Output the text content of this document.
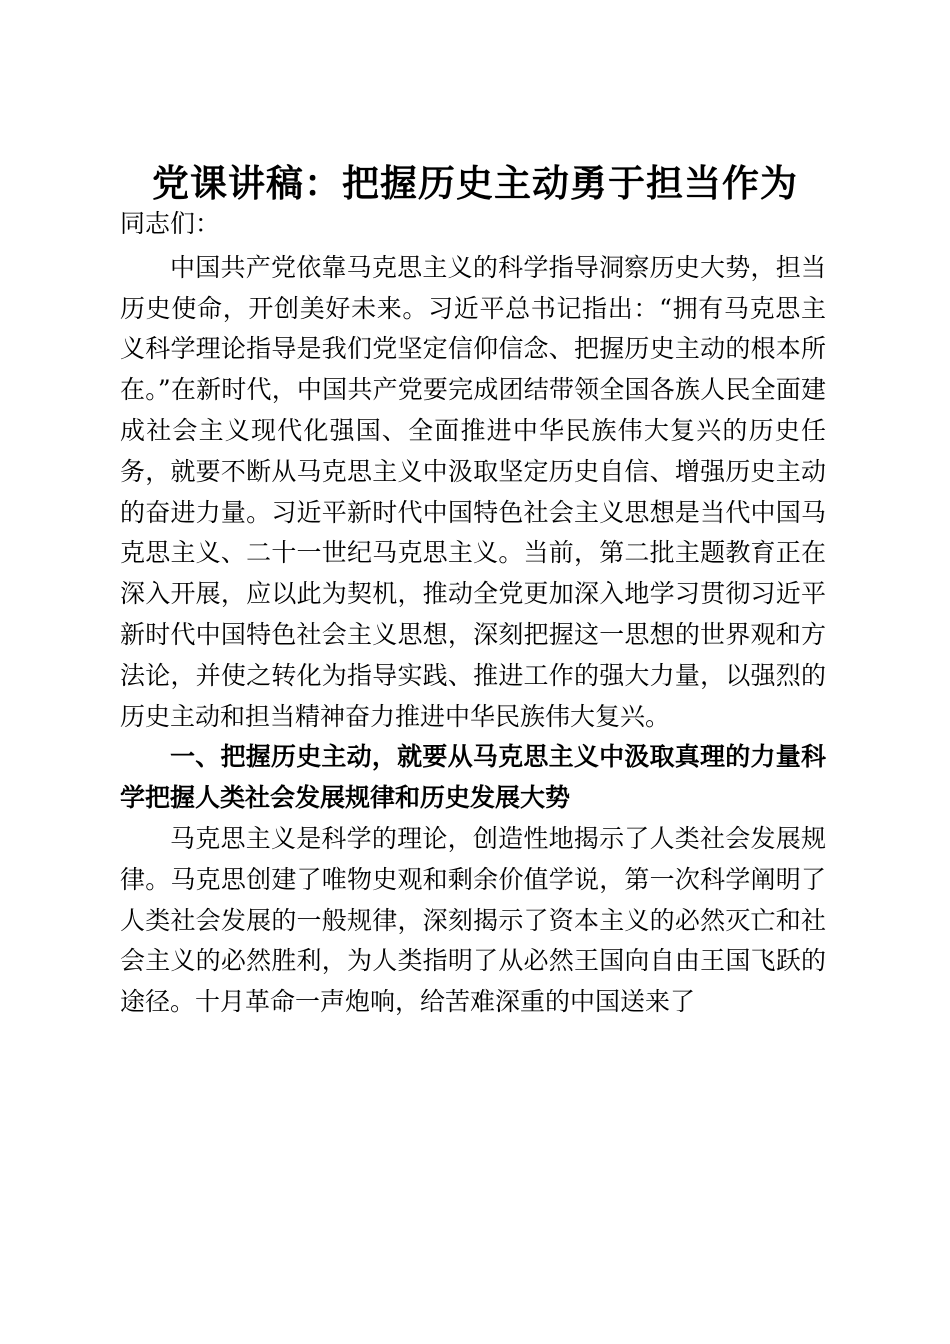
党课讲稿：把握历史主动勇于担当作为

同志们：

中国共产党依靠马克思主义的科学指导洞察历史大势，担当历史使命，开创美好未来。习近平总书记指出：“拥有马克思主义科学理论指导是我们党坚定信仰信念、把握历史主动的根本所在。”在新时代，中国共产党要完成团结带领全国各族人民全面建成社会主义现代化强国、全面推进中华民族伟大复兴的历史任务，就要不断从马克思主义中汲取坚定历史自信、增强历史主动的奋进力量。习近平新时代中国特色社会主义思想是当代中国马克思主义、二十一世纪马克思主义。当前，第二批主题教育正在深入开展，应以此为契机，推动全党更加深入地学习贯彻习近平新时代中国特色社会主义思想，深刻把握这一思想的世界观和方法论，并使之转化为指导实践、推进工作的强大力量，以强烈的历史主动和担当精神奋力推进中华民族伟大复兴。

一、把握历史主动，就要从马克思主义中汲取真理的力量科学把握人类社会发展规律和历史发展大势

马克思主义是科学的理论，创造性地揭示了人类社会发展规律。马克思创建了唯物史观和剩余价值学说，第一次科学阐明了人类社会发展的一般规律，深刻揭示了资本主义的必然灭亡和社会主义的必然胜利，为人类指明了从必然王国向自由王国飞跃的途径。十月革命一声炮响，给苦难深重的中国送来了
